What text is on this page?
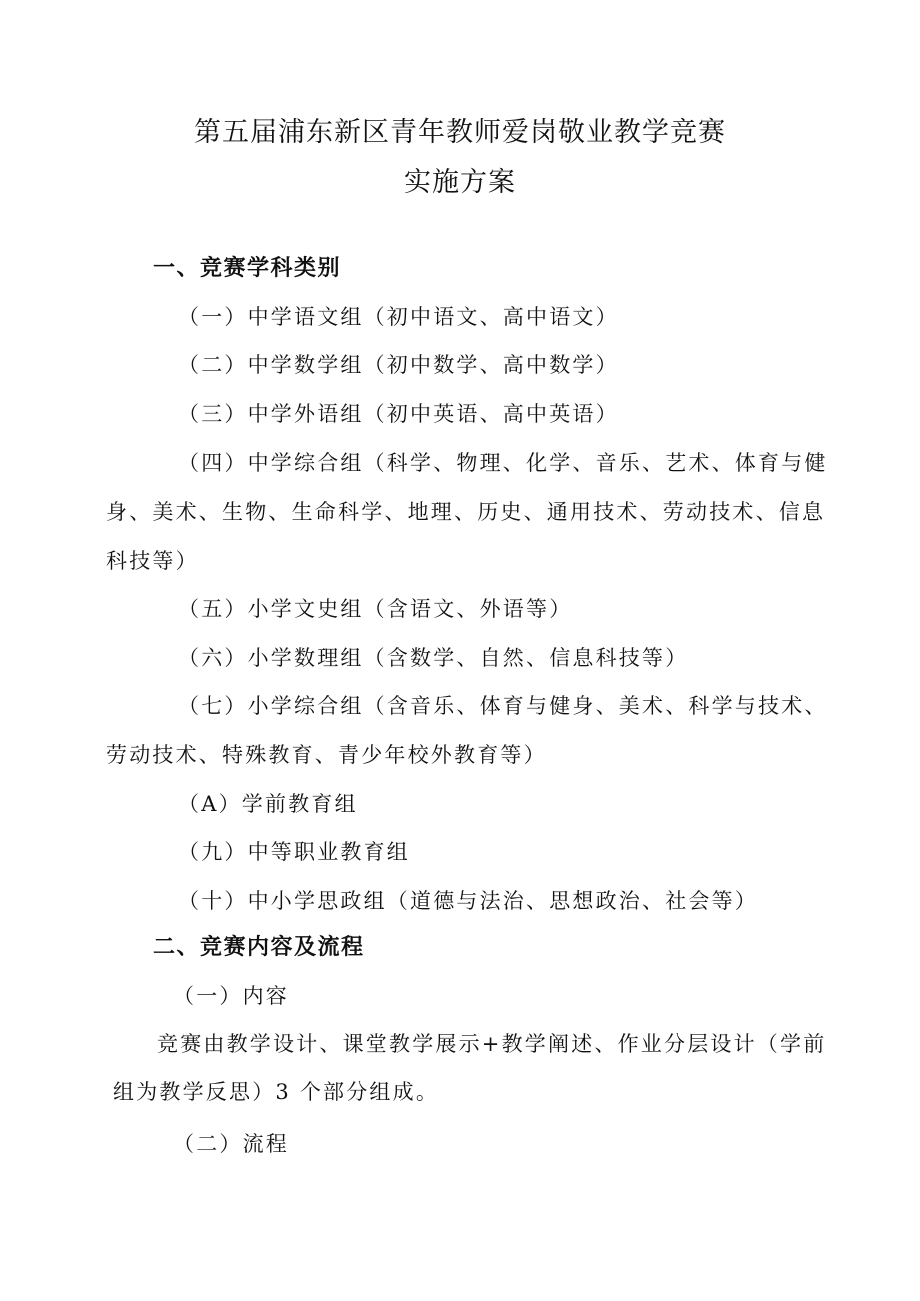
第五届浦东新区青年教师爱岗敬业教学竞赛
实施方案
一、竞赛学科类别
（一）中学语文组（初中语文、高中语文）
（二）中学数学组（初中数学、高中数学）
（三）中学外语组（初中英语、高中英语）
（四）中学综合组（科学、物理、化学、音乐、艺术、体育与健
身、美术、生物、生命科学、地理、历史、通用技术、劳动技术、信息
科技等）
（五）小学文史组（含语文、外语等）
（六）小学数理组（含数学、自然、信息科技等）
（七）小学综合组（含音乐、体育与健身、美术、科学与技术、
劳动技术、特殊教育、青少年校外教育等）
（A）学前教育组
（九）中等职业教育组
（十）中小学思政组（道德与法治、思想政治、社会等）
二、竞赛内容及流程
（一）内容
竞赛由教学设计、课堂教学展示+教学阐述、作业分层设计（学前
组为教学反思）3 个部分组成。
（二）流程
